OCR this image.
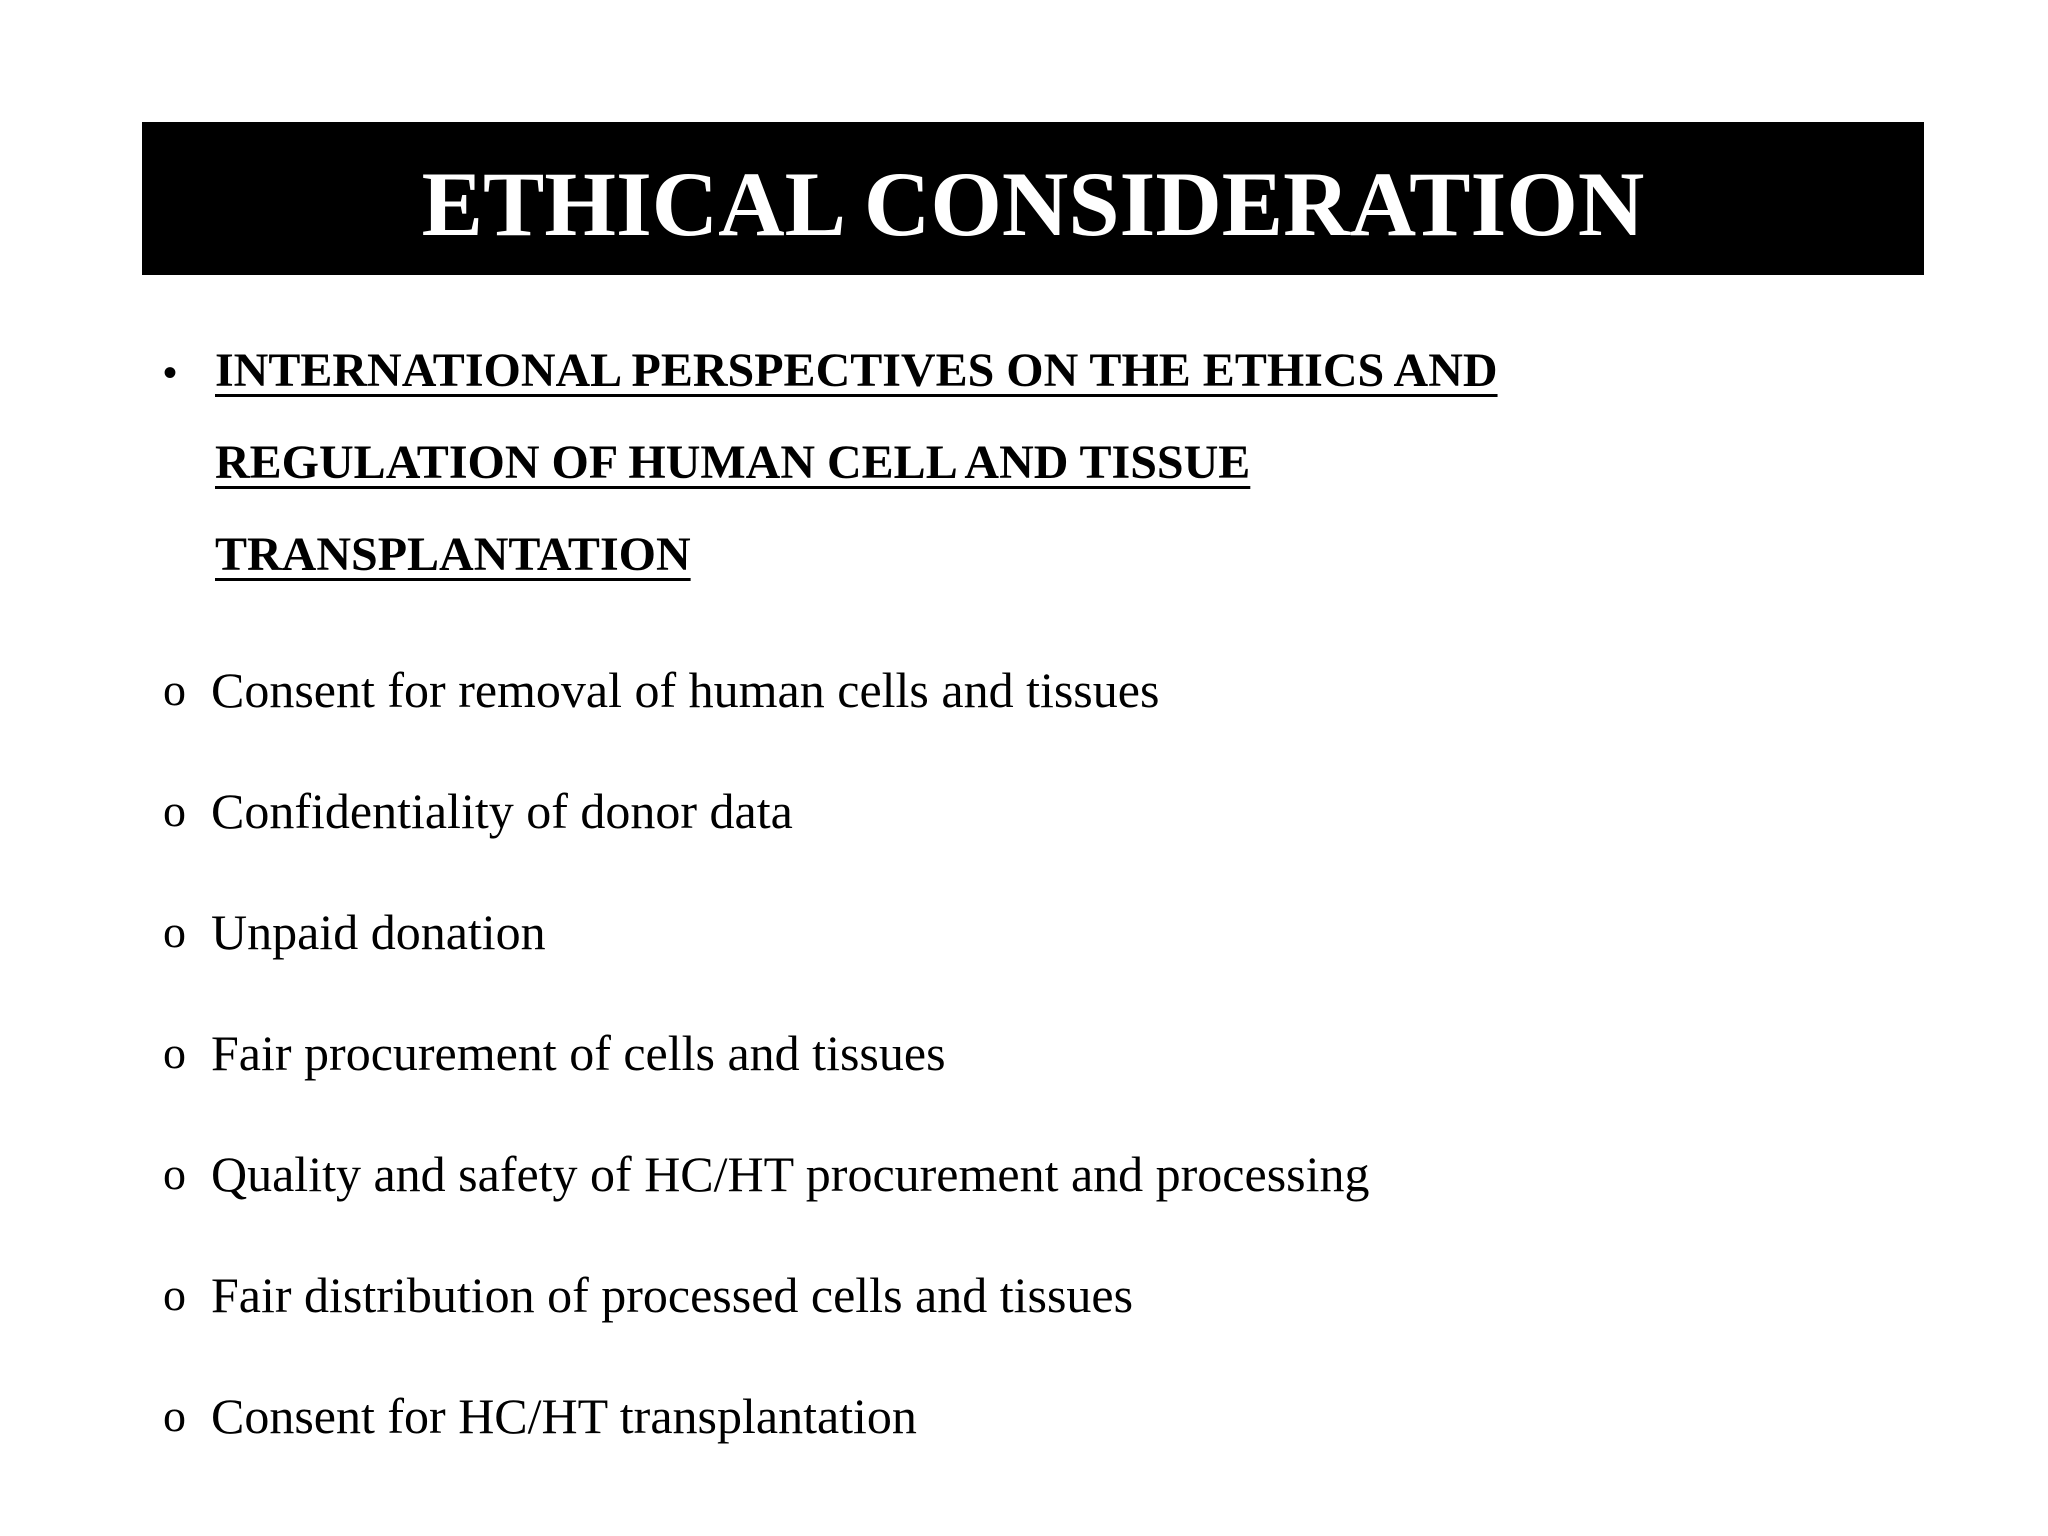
ETHICAL CONSIDERATION
• INTERNATIONAL PERSPECTIVES ON THE ETHICS AND REGULATION OF HUMAN CELL AND TISSUE TRANSPLANTATION
o Consent for removal of human cells and tissues
o Confidentiality of donor data
o Unpaid donation
o Fair procurement of cells and tissues
o Quality and safety of HC/HT procurement and processing
o Fair distribution of processed cells and tissues
o Consent for HC/HT transplantation
